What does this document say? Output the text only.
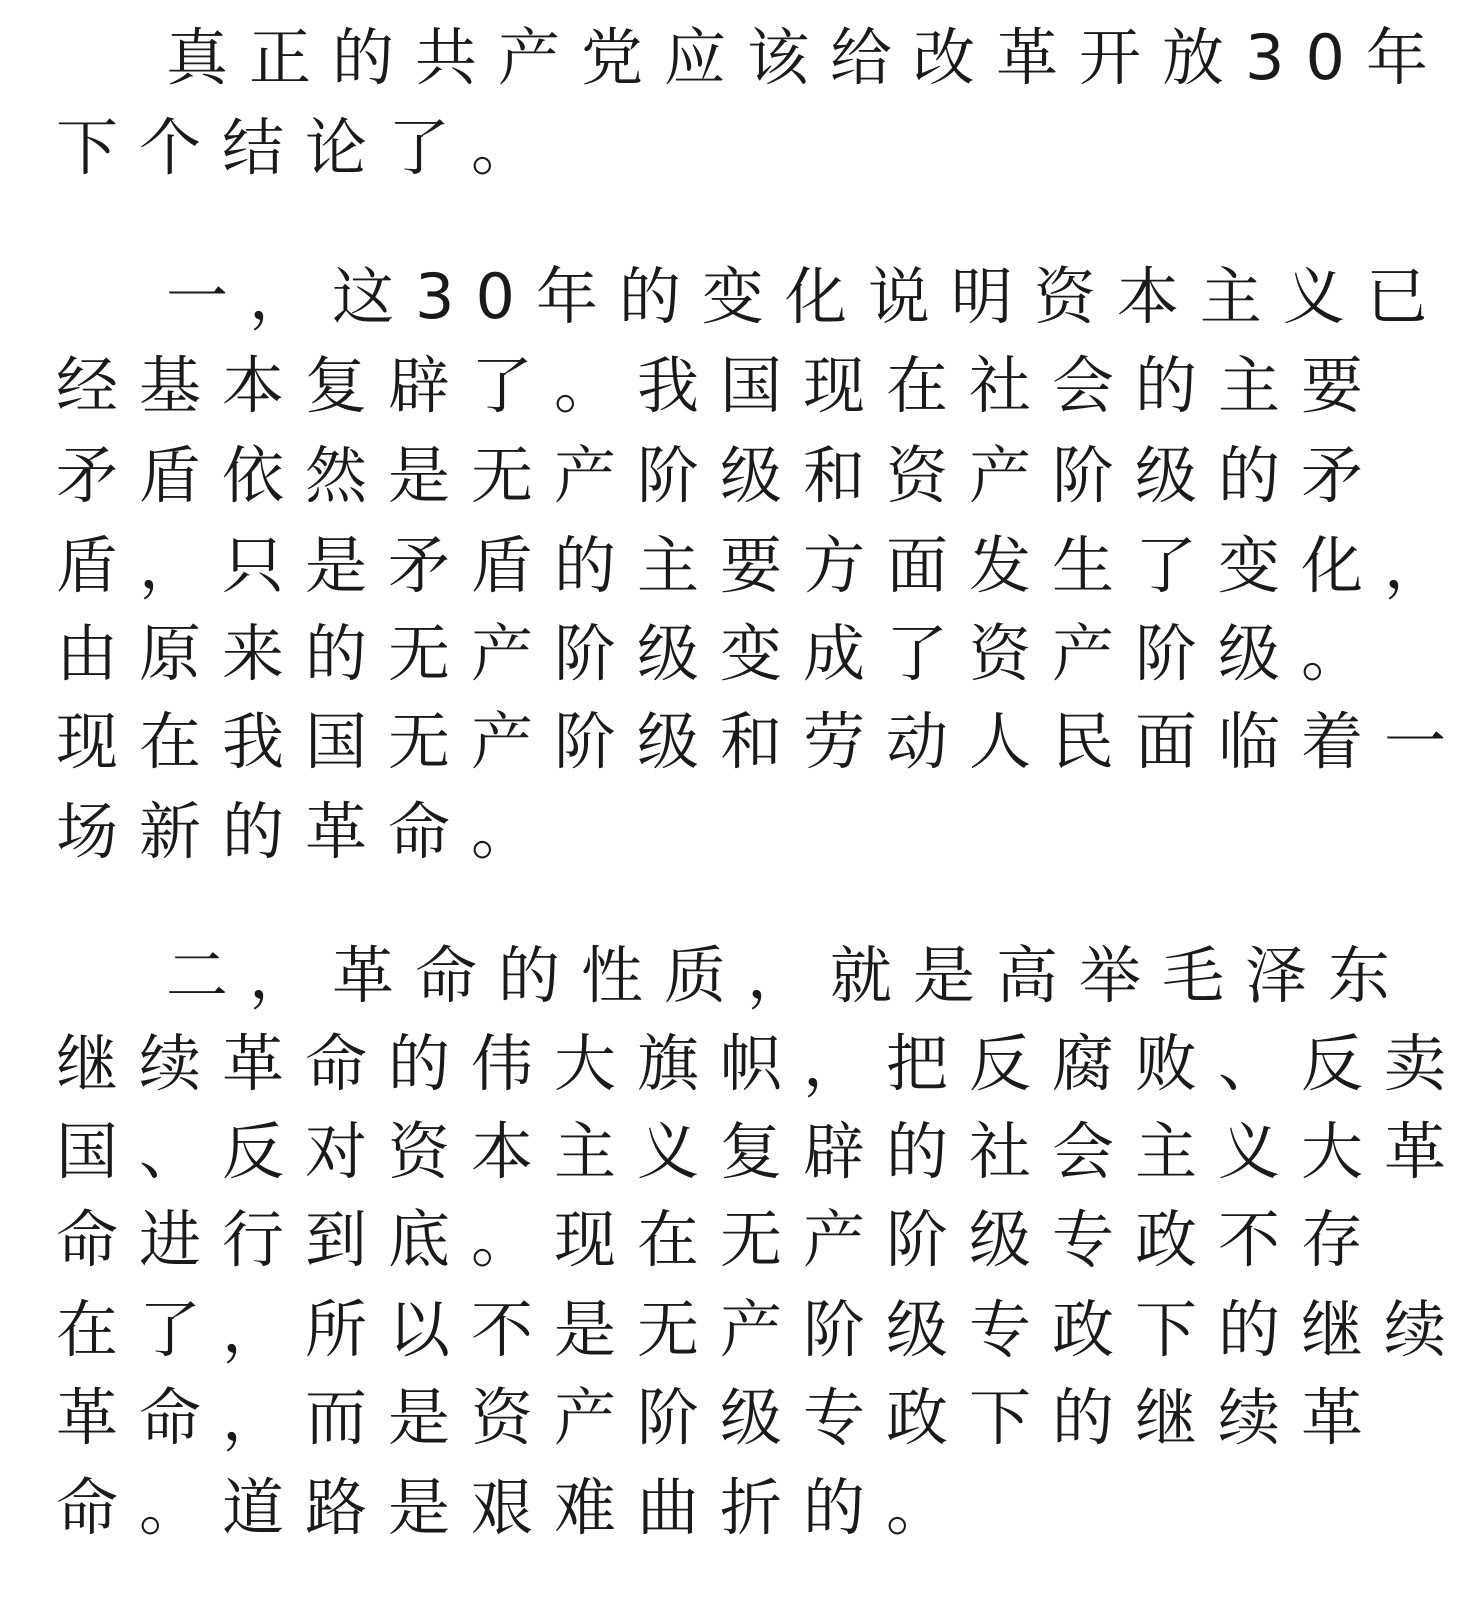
真正的共产党应该给改革开放30年

下个结论了。

一，这30年的变化说明资本主义已

经基本复辟了。我国现在社会的主要

矛盾依然是无产阶级和资产阶级的矛

盾，只是矛盾的主要方面发生了变化，

由原来的无产阶级变成了资产阶级。

现在我国无产阶级和劳动人民面临着一

场新的革命。

二，革命的性质，就是高举毛泽东

继续革命的伟大旗帜，把反腐败、反卖

国、反对资本主义复辟的社会主义大革

命进行到底。现在无产阶级专政不存

在了，所以不是无产阶级专政下的继续

革命，而是资产阶级专政下的继续革

命。道路是艰难曲折的。
